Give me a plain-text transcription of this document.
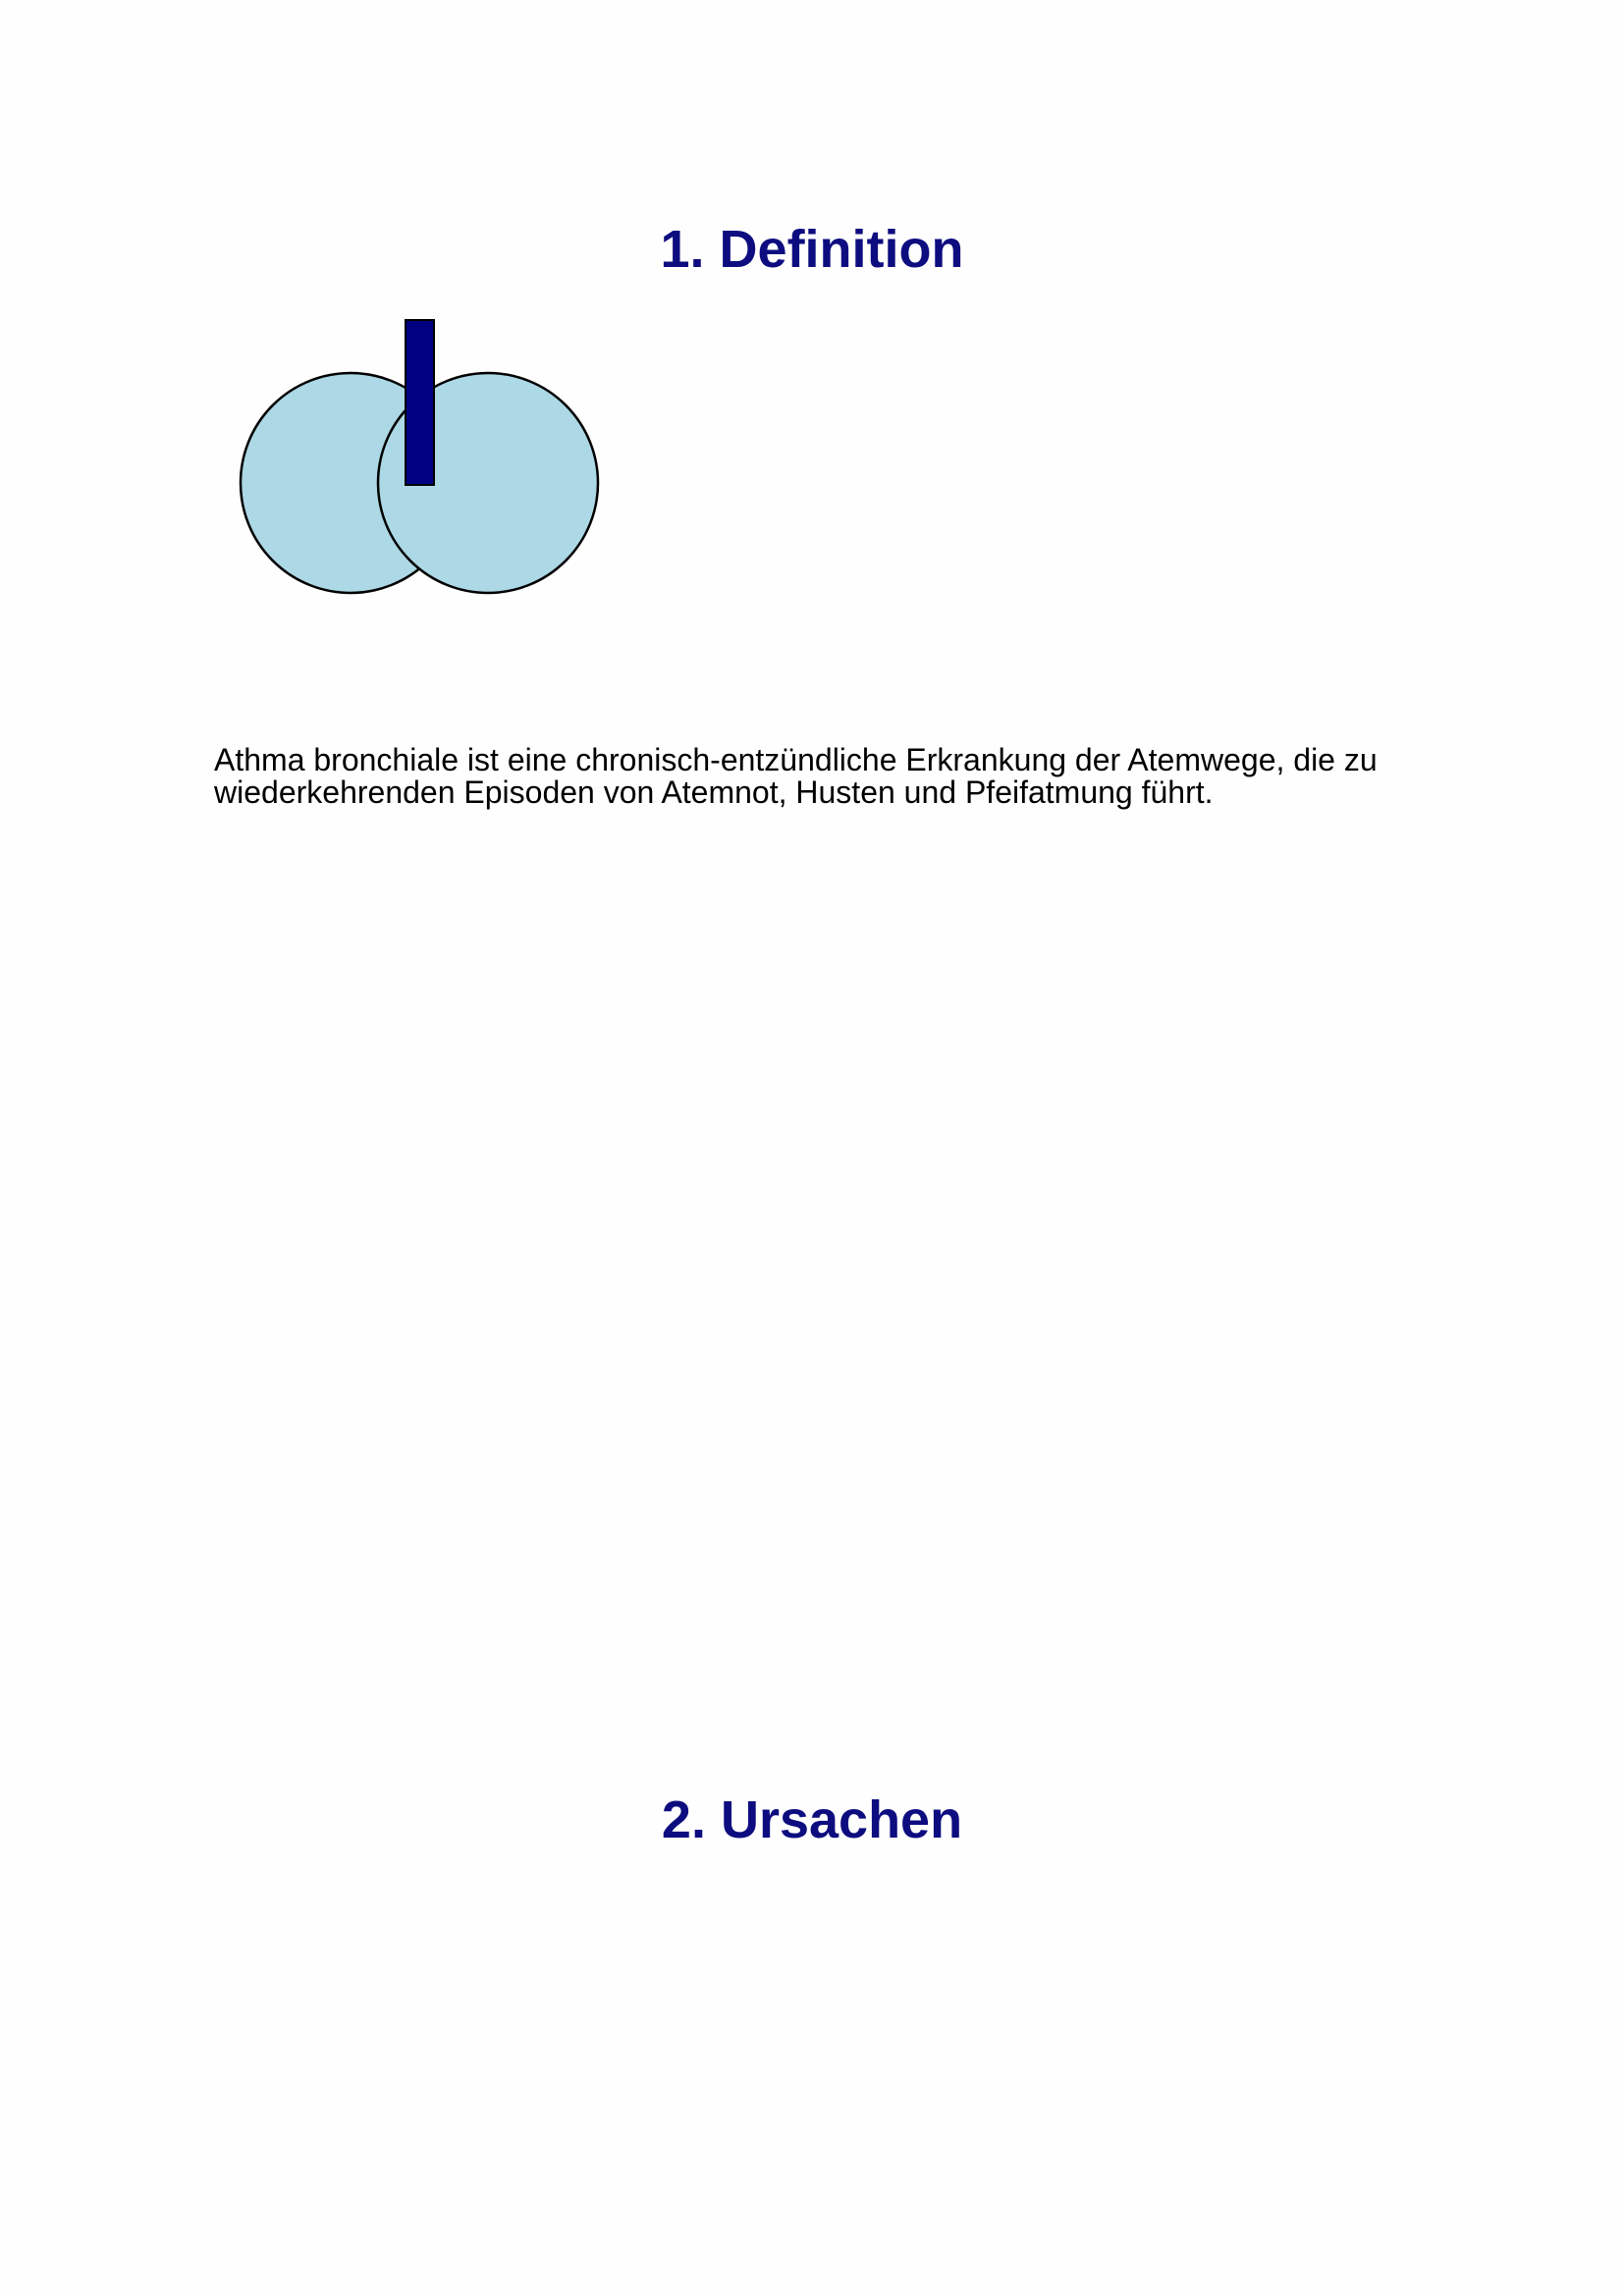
1. Definition

Athma bronchiale ist eine chronisch-entzündliche Erkrankung der Atemwege, die zu wiederkehrenden Episoden von Atemnot, Husten und Pfeifatmung führt.

2. Ursachen
